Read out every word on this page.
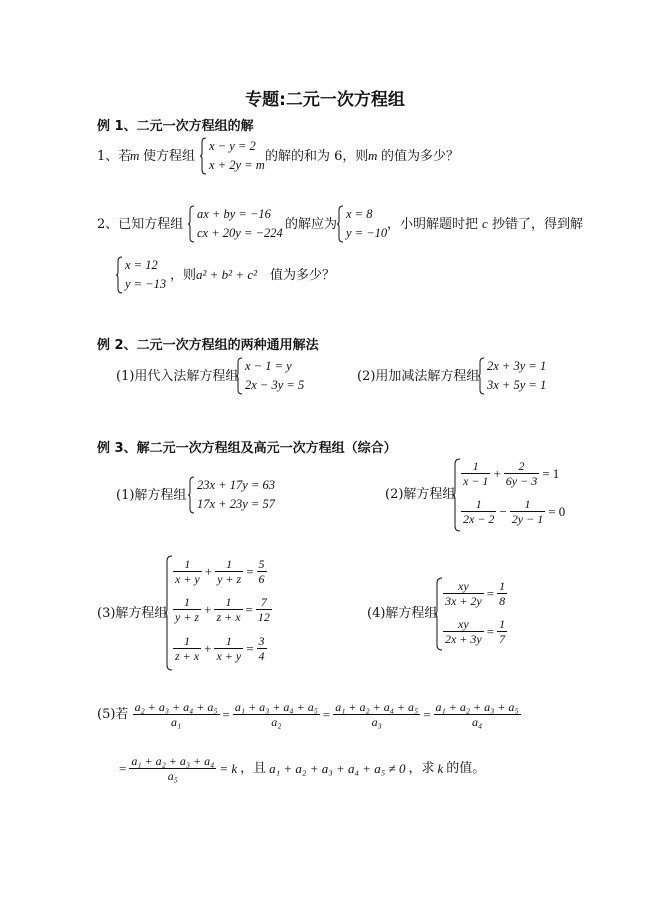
专题:二元一次方程组
例 1、二元一次方程组的解
1、若
m 使方程组
x − y = 2
x + 2y = m
的解的和为 6，则 m 的值为多少？
2、已知方程组
ax + by = −16
cx + 20y = −224
的解应为
x = 8
y = −10
，小明解题时把 c 抄错了，得到解
x = 12
y = −13
，则 a² + b² + c² 值为多少？
例 2、二元一次方程组的两种通用解法
(1)用代入法解方程组
x − 1 = y
2x − 3y = 5
(2)用加减法解方程组
2x + 3y = 1
3x + 5y = 1
例 3、解二元一次方程组及高元一次方程组（综合）
(1)解方程组
23x + 17y = 63
17x + 23y = 57
(2)解方程组
$\frac{1}{x - 1} + \frac{2}{6y - 3} = 1$
$\frac{1}{2x - 2} - \frac{1}{2y - 1} = 0$
(3)解方程组
$\frac{1}{x + y} + \frac{1}{y + z} = \frac{5}{6}$
$\frac{1}{y + z} + \frac{1}{z + x} = \frac{7}{12}$
$\frac{1}{z + x} + \frac{1}{x + y} = \frac{3}{4}$
(4)解方程组
$\frac{xy}{3x + 2y} = \frac{1}{8}$
$\frac{xy}{2x + 3y} = \frac{1}{7}$
(5)若 $\frac{\text{a₂ + a₃ + a₄ + a₅}}{\text{a₁}} = \frac{\text{a₁ + a₃ + a₄ + a₅}}{\text{a₂}} = \frac{\text{a₁ + a₂ + a₄ + a₅}}{\text{a₃}} = \frac{\text{a₁ + a₂ + a₃ + a₅}}{\text{a₄}}$
= $\frac{\text{a₁ + a₂ + a₃ + a₄}}{\text{a₅}} = k$ ，且 a₁ + a₂ + a₃ + a₄ + a₅ ≠ 0 ，求 k 的值。
